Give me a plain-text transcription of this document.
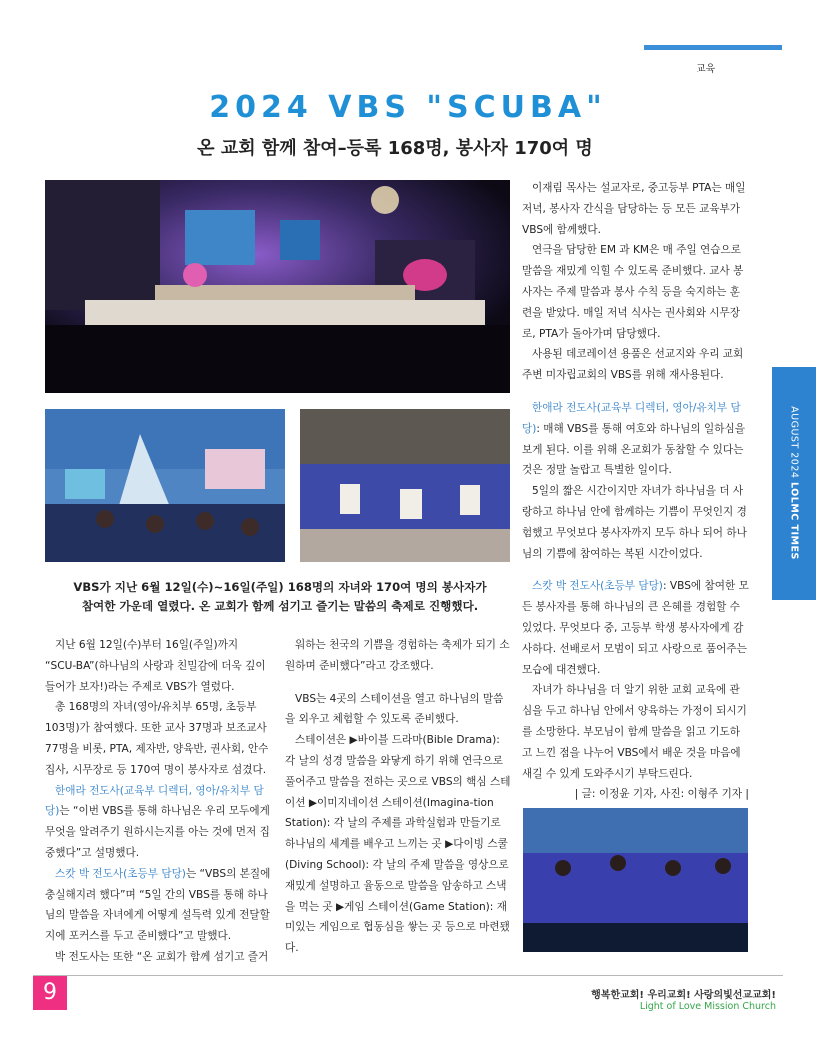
교육
2024 VBS "SCUBA"
온 교회 함께 참여–등록 168명, 봉사자 170여 명
VBS가 지난 6월 12일(수)~16일(주일) 168명의 자녀와 170여 명의 봉사자가
참여한 가운데 열렸다. 온 교회가 함께 섬기고 즐기는 말씀의 축제로 진행했다.

지난 6월 12일(수)부터 16일(주일)까지 “SCU-BA”(하나님의 사랑과 친밀감에 더욱 깊이 들어가 보자!)라는 주제로 VBS가 열렸다.

총 168명의 자녀(영아/유치부 65명, 초등부 103명)가 참여했다. 또한 교사 37명과 보조교사 77명을 비롯, PTA, 제자반, 양육반, 권사회, 안수집사, 시무장로 등 170여 명이 봉사자로 섬겼다.

한애라 전도사(교육부 디렉터, 영아/유치부 담당)는 “이번 VBS를 통해 하나님은 우리 모두에게 무엇을 알려주기 원하시는지를 아는 것에 먼저 집중했다”고 설명했다.

스캇 박 전도사(초등부 담당)는 “VBS의 본질에 충실해지려 했다”며 “5일 간의 VBS를 통해 하나님의 말씀을 자녀에게 어떻게 설득력 있게 전달할지에 포커스를 두고 준비했다”고 말했다.

박 전도사는 또한 “온 교회가 함께 섬기고 즐거

워하는 천국의 기쁨을 경험하는 축제가 되기 소원하며 준비했다”라고 강조했다.

VBS는 4곳의 스테이션을 열고 하나님의 말씀을 외우고 체험할 수 있도록 준비했다.

스테이션은 ▶바이블 드라마(Bible Drama): 각 날의 성경 말씀을 와닿게 하기 위해 연극으로 풀어주고 말씀을 전하는 곳으로 VBS의 핵심 스테이션 ▶이미지네이션 스테이션(Imagina-tion Station): 각 날의 주제를 과학실험과 만들기로 하나님의 세계를 배우고 느끼는 곳 ▶다이빙 스쿨(Diving School): 각 날의 주제 말씀을 영상으로 재밌게 설명하고 율동으로 말씀을 암송하고 스낵을 먹는 곳 ▶게임 스테이션(Game Station): 재미있는 게임으로 협동심을 쌓는 곳 등으로 마련됐다.

이재림 목사는 설교자로, 중고등부 PTA는 매일 저녁, 봉사자 간식을 담당하는 등 모든 교육부가 VBS에 함께했다.

연극을 담당한 EM 과 KM은 매 주일 연습으로 말씀을 재밌게 익힐 수 있도록 준비했다. 교사 봉사자는 주제 말씀과 봉사 수칙 등을 숙지하는 훈련을 받았다. 매일 저녁 식사는 권사회와 시무장로, PTA가 돌아가며 담당했다.

사용된 데코레이션 용품은 선교지와 우리 교회 주변 미자립교회의 VBS를 위해 재사용된다.

한애라 전도사(교육부 디렉터, 영아/유치부 담당): 매해 VBS를 통해 여호와 하나님의 일하심을 보게 된다. 이를 위해 온교회가 동참할 수 있다는 것은 정말 놀랍고 특별한 일이다.

5일의 짧은 시간이지만 자녀가 하나님을 더 사랑하고 하나님 안에 함께하는 기쁨이 무엇인지 경험했고 무엇보다 봉사자까지 모두 하나 되어 하나님의 기쁨에 참여하는 복된 시간이었다.

스캇 박 전도사(초등부 담당): VBS에 참여한 모든 봉사자를 통해 하나님의 큰 은혜를 경험할 수 있었다. 무엇보다 중, 고등부 학생 봉사자에게 감사하다. 선배로서 모범이 되고 사랑으로 품어주는 모습에 대견했다.

자녀가 하나님을 더 알기 위한 교회 교육에 관심을 두고 하나님 안에서 양육하는 가정이 되시기를 소망한다. 부모님이 함께 말씀을 읽고 기도하고 느낀 점을 나누어 VBS에서 배운 것을 마음에 새길 수 있게 도와주시기 부탁드린다.

| 글: 이정윤 기자, 사진: 이형주 기자 |

AUGUST 2024 LOLMC TIMES
9	행복한교회! 우리교회! 사랑의빛선교교회!
Light of Love Mission Church
